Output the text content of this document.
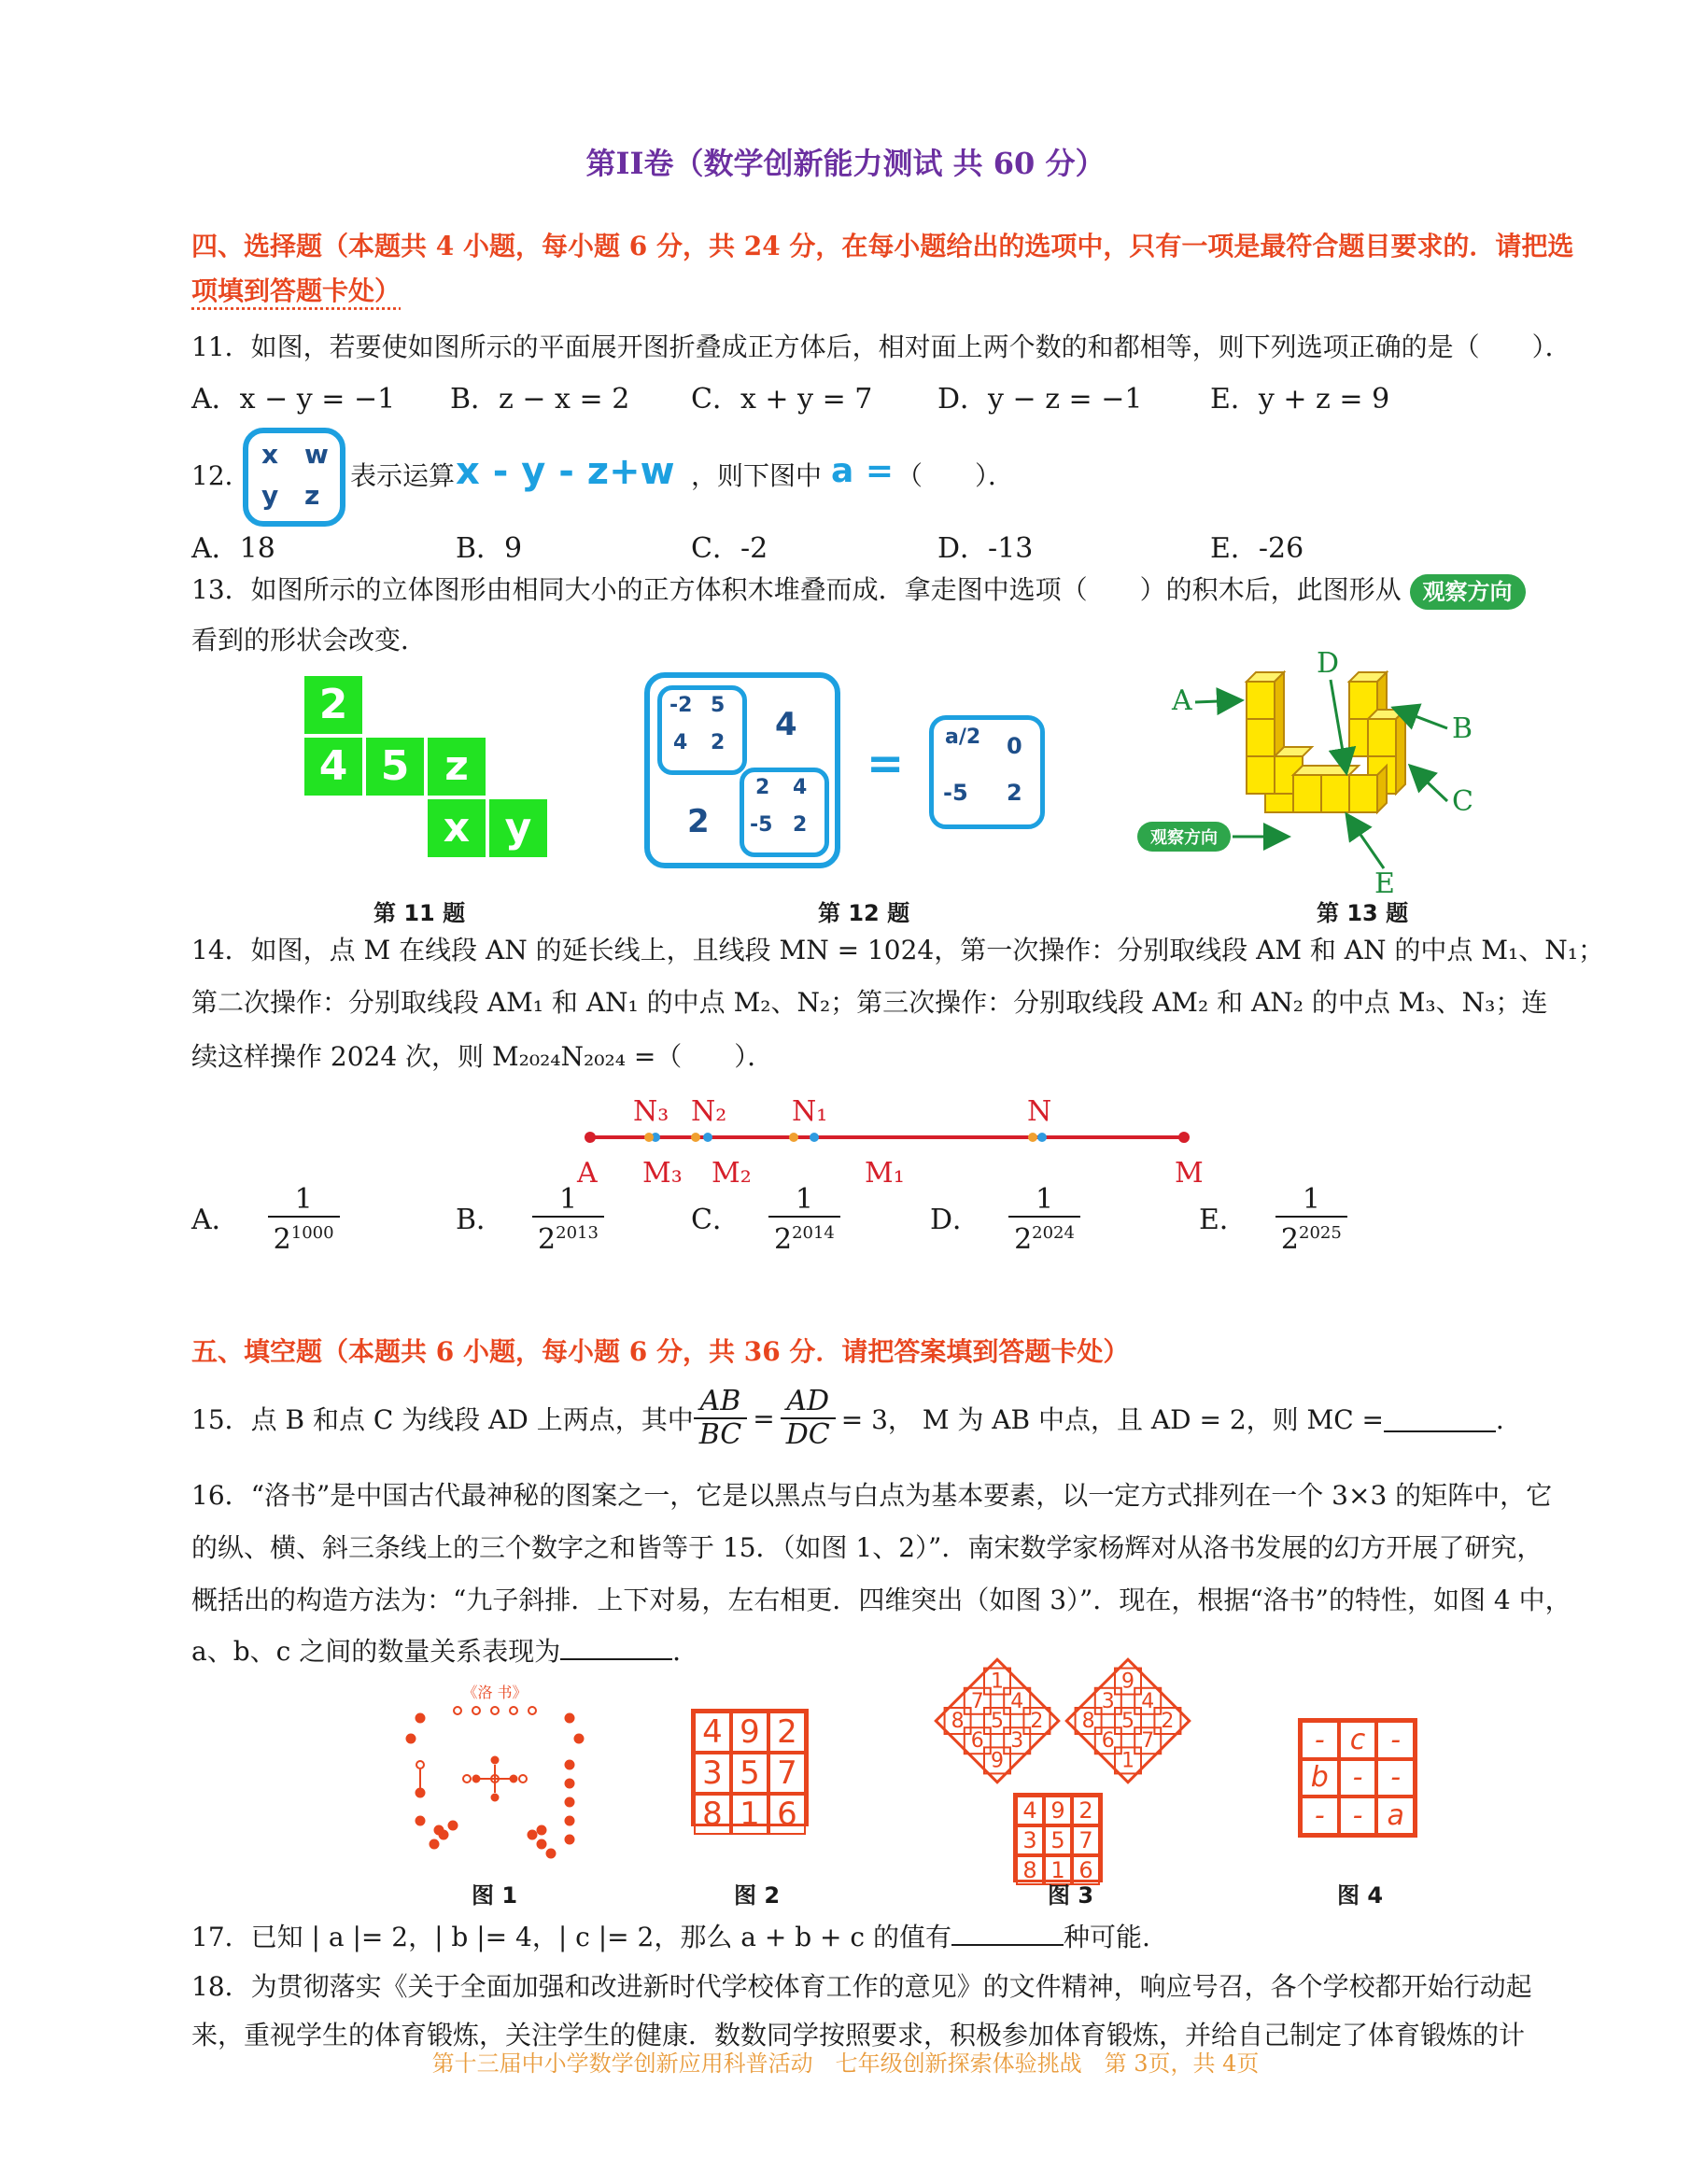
第II卷（数学创新能力测试 共 60 分）
四、选择题（本题共 4 小题，每小题 6 分，共 24 分，在每小题给出的选项中，只有一项是最符合题目要求的．请把选
项填到答题卡处）
11．如图，若要使如图所示的平面展开图折叠成正方体后，相对面上两个数的和都相等，则下列选项正确的是（　　）．
A．x − y = −1 B．z − x = 2 C．x + y = 7 D．y − z = −1 E．y + z = 9
12．
x w
y z
表示运算 x - y - z+w ，则下图中 a = （　　）．
A．18	B．9	C．-2	D．-13	E．-26
13．如图所示的立体图形由相同大小的正方体积木堆叠而成．拿走图中选项（　　）的积木后，此图形从 观察方向
看到的形状会改变．
2
4 5 z
x y
第 11 题
-2 5
4 2 4
2
2 4
-5 2
=
a/2 0
-5 2
第 12 题
A
B
C
D
E
观察方向
第 13 题
14．如图，点 M 在线段 AN 的延长线上，且线段 MN = 1024，第一次操作：分别取线段 AM 和 AN 的中点 M₁、N₁；
第二次操作：分别取线段 AM₁ 和 AN₁ 的中点 M₂、N₂；第三次操作：分别取线段 AM₂ 和 AN₂ 的中点 M₃、N₃；连
续这样操作 2024 次，则 M₂₀₂₄N₂₀₂₄ =（　　）．
N₃ N₂ N₁	N
A M₃ M₂	M₁	M
A． $\frac{1}{2^{1000}}$	B． $\frac{1}{2^{2013}}$	C． $\frac{1}{2^{2014}}$	D． $\frac{1}{2^{2024}}$	E． $\frac{1}{2^{2025}}$
五、填空题（本题共 6 小题，每小题 6 分，共 36 分．请把答案填到答题卡处）
15．点 B 和点 C 为线段 AD 上两点，其中 $\frac{AB}{BC} = \frac{AD}{DC} = 3$， M 为 AB 中点，且 AD = 2，则 MC =	．
16．“洛书”是中国古代最神秘的图案之一，它是以黑点与白点为基本要素，以一定方式排列在一个 3×3 的矩阵中，它
的纵、横、斜三条线上的三个数字之和皆等于 15．（如图 1、2）”．南宋数学家杨辉对从洛书发展的幻方开展了研究，
概括出的构造方法为：“九子斜排．上下对易，左右相更．四维突出（如图 3）”．现在，根据“洛书”的特性，如图 4 中，
a、b、c 之间的数量关系表现为	．
《洛 书》
4 9 2
3 5 7
8 1 6
1
4
2
7
5
3
8
6
9
9
4
2
3
5
7
8
6
1
4 9 2
3 5 7
8 1 6
- c -
b - -
- - a
图 1	图 2	图 3	图 4
17．已知 | a |= 2，| b |= 4，| c |= 2，那么 a + b + c 的值有	种可能.
18．为贯彻落实《关于全面加强和改进新时代学校体育工作的意见》的文件精神，响应号召，各个学校都开始行动起
来，重视学生的体育锻炼，关注学生的健康．数数同学按照要求，积极参加体育锻炼，并给自己制定了体育锻炼的计
第十三届中小学数学创新应用科普活动　七年级创新探索体验挑战　第 3页，共 4页
